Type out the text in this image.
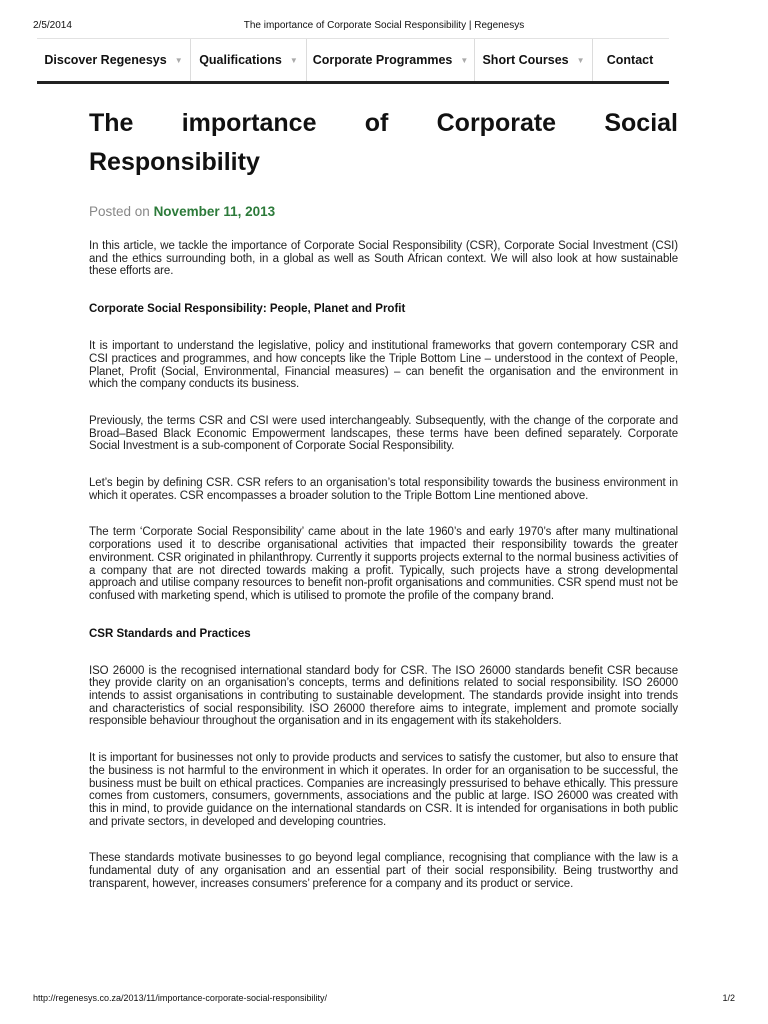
2/5/2014	The importance of Corporate Social Responsibility | Regenesys
Discover Regenesys ▼ Qualifications ▼ Corporate Programmes ▼ Short Courses ▼ Contact
The importance of Corporate Social Responsibility
Posted on November 11, 2013

In this article, we tackle the importance of Corporate Social Responsibility (CSR), Corporate Social Investment (CSI) and the ethics surrounding both, in a global as well as South African context. We will also look at how sustainable these efforts are.

Corporate Social Responsibility: People, Planet and Profit

It is important to understand the legislative, policy and institutional frameworks that govern contemporary CSR and CSI practices and programmes, and how concepts like the Triple Bottom Line – understood in the context of People, Planet, Profit (Social, Environmental, Financial measures) – can benefit the organisation and the environment in which the company conducts its business.

Previously, the terms CSR and CSI were used interchangeably. Subsequently, with the change of the corporate and Broad–Based Black Economic Empowerment landscapes, these terms have been defined separately. Corporate Social Investment is a sub-component of Corporate Social Responsibility.

Let’s begin by defining CSR. CSR refers to an organisation’s total responsibility towards the business environment in which it operates. CSR encompasses a broader solution to the Triple Bottom Line mentioned above.

The term ‘Corporate Social Responsibility’ came about in the late 1960’s and early 1970’s after many multinational corporations used it to describe organisational activities that impacted their responsibility towards the greater environment. CSR originated in philanthropy. Currently it supports projects external to the normal business activities of a company that are not directed towards making a profit. Typically, such projects have a strong developmental approach and utilise company resources to benefit non-profit organisations and communities. CSR spend must not be confused with marketing spend, which is utilised to promote the profile of the company brand.

CSR Standards and Practices

ISO 26000 is the recognised international standard body for CSR. The ISO 26000 standards benefit CSR because they provide clarity on an organisation’s concepts, terms and definitions related to social responsibility. ISO 26000 intends to assist organisations in contributing to sustainable development. The standards provide insight into trends and characteristics of social responsibility. ISO 26000 therefore aims to integrate, implement and promote socially responsible behaviour throughout the organisation and in its engagement with its stakeholders.

It is important for businesses not only to provide products and services to satisfy the customer, but also to ensure that the business is not harmful to the environment in which it operates. In order for an organisation to be successful, the business must be built on ethical practices. Companies are increasingly pressurised to behave ethically. This pressure comes from customers, consumers, governments, associations and the public at large. ISO 26000 was created with this in mind, to provide guidance on the international standards on CSR. It is intended for organisations in both public and private sectors, in developed and developing countries.

These standards motivate businesses to go beyond legal compliance, recognising that compliance with the law is a fundamental duty of any organisation and an essential part of their social responsibility. Being trustworthy and transparent, however, increases consumers’ preference for a company and its product or service.

http://regenesys.co.za/2013/11/importance-corporate-social-responsibility/	1/2
